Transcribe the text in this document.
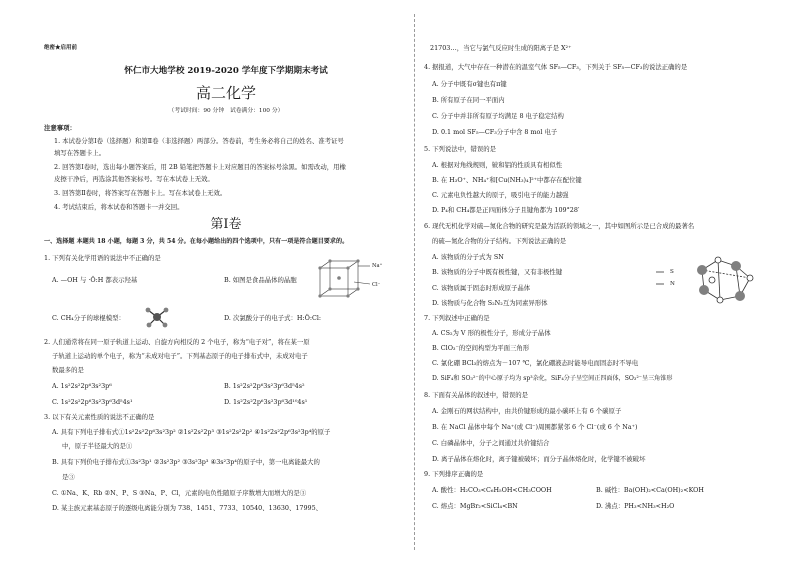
绝密★启用前
怀仁市大地学校 2019-2020 学年度下学期期末考试
高二化学
（考试时间：90 分钟　试卷满分：100 分）
注意事项：
1. 本试卷分第Ⅰ卷（选择题）和第Ⅱ卷（非选择题）两部分。答卷前，考生务必将自己的姓名、准考证号
填写在答题卡上。
2. 回答第Ⅰ卷时，选出每小题答案后，用 2B 铅笔把答题卡上对应题目的答案标号涂黑。如需改动，用橡
皮擦干净后，再选涂其他答案标号。写在本试卷上无效。
3. 回答第Ⅱ卷时，将答案写在答题卡上。写在本试卷上无效。
4. 考试结束后，将本试卷和答题卡一并交回。
第Ⅰ卷
一、选择题 本题共 18 小题，每题 3 分，共 54 分。在每小题给出的四个选项中，只有一项是符合题目要求的。
1. 下列有关化学用语的说法中不正确的是
A. —OH 与 ·Ö:H 都表示羟基	B. 如图是食品晶体的晶胞
Na⁺
Cl⁻
C. CH₄分子的球棍模型：	D. 次氯酸分子的电子式：H:Ö:Cl:
2. 人们通常将在同一原子轨道上运动、自旋方向相反的 2 个电子，称为“电子对”，将在某一原
子轨道上运动的单个电子，称为“未成对电子”。下列基态原子的电子排布式中，未成对电子
数最多的是
A. 1s²2s²2p⁶3s²3p⁶	B. 1s²2s²2p⁶3s²3p⁶3d⁵4s²
C. 1s²2s²2p⁶3s²3p⁶3d⁵4s¹	D. 1s²2s²2p⁶3s²3p⁶3d¹⁰4s¹
3. 以下有关元素性质的说法不正确的是
A. 具有下列电子排布式①1s²2s²2p⁶3s²3p² ②1s²2s²2p³ ③1s²2s²2p² ④1s²2s²2p⁶3s²3p⁴的原子
中，原子半径最大的是①
B. 具有下列价电子排布式①3s²3p¹ ②3s²3p² ③3s²3p³ ④3s²3p⁴的原子中，第一电离能最大的
是③
C. ①Na、K、Rb ②N、P、S ③Na、P、Cl，元素的电负性随原子序数增大而增大的是③
D. 某主族元素基态原子的逐级电离能分别为 738、1451、7733、10540、13630、17995、
21703…，当它与氯气反应时生成的阳离子是 X²⁺
4. 据报道，大气中存在一种潜在的温室气体 SF₅—CF₃，下列关于 SF₅—CF₃的说法正确的是
A. 分子中既有σ键也有π键
B. 所有原子在同一平面内
C. 分子中并非所有原子均满足 8 电子稳定结构
D. 0.1 mol SF₅—CF₃分子中含 8 mol 电子
5. 下列说法中，错误的是
A. 根据对角线规则，铍和铝的性质具有相似性
B. 在 H₃O⁺、NH₄⁺和[Cu(NH₃)₄]²⁺中都存在配位键
C. 元素电负性越大的原子，吸引电子的能力越强
D. P₄和 CH₄都是正四面体分子且键角都为 109°28′
6. 现代无机化学对硫—氮化合物的研究是最为活跃的领域之一，其中如图所示是已合成的最著名
的硫—氮化合物的分子结构。下列说法正确的是
A. 该物质的分子式为 SN
B. 该物质的分子中既有极性键，又有非极性键
C. 该物质属于固态时形成原子晶体
D. 该物质与化合物 S₂N₂互为同素异形体
S
N
7. 下列叙述中正确的是
A. CS₂为 V 形的极性分子，形成分子晶体
B. ClO₃⁻的空间构型为平面三角形
C. 氯化硼 BCl₃的熔点为－107 ℃，氯化硼液态时能导电而固态时不导电
D. SiF₄和 SO₃²⁻的中心原子均为 sp³杂化，SiF₄分子呈空间正四面体，SO₃²⁻呈三角锥形
8. 下面有关晶体的叙述中，错误的是
A. 金刚石的网状结构中，由共价键形成的最小碳环上有 6 个碳原子
B. 在 NaCl 晶体中每个 Na⁺(或 Cl⁻)周围都紧邻 6 个 Cl⁻(或 6 个 Na⁺)
C. 白磷晶体中，分子之间通过共价键结合
D. 离子晶体在熔化时，离子键被破坏；而分子晶体熔化时，化学键不被破坏
9. 下列排序正确的是
A. 酸性：H₂CO₃<C₆H₅OH<CH₃COOH	B. 碱性：Ba(OH)₂<Ca(OH)₂<KOH
C. 熔点：MgBr₂<SiCl₄<BN	D. 沸点：PH₃<NH₃<H₂O
